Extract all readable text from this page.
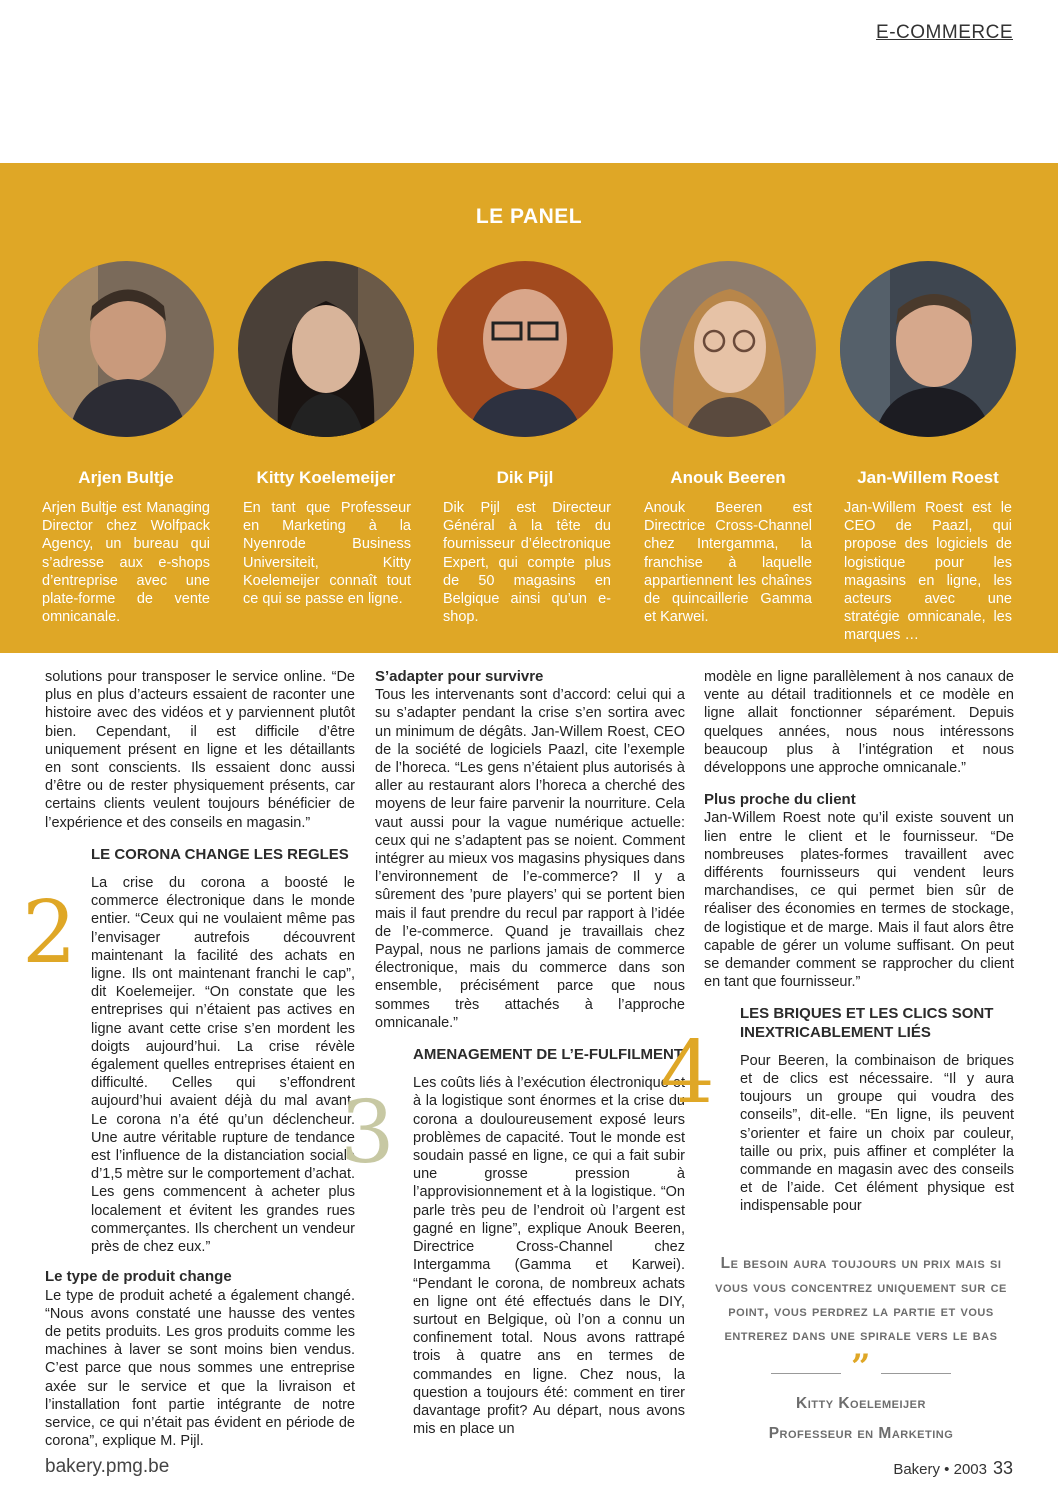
E-COMMERCE
LE PANEL
Arjen Bultje	Kitty Koelemeijer	Dik Pijl	Anouk Beeren	Jan-Willem Roest
Arjen Bultje est Managing Director chez Wolfpack Agency, un bureau qui s’adresse aux e-shops d’entreprise avec une plate-forme de vente omnicanale.
En tant que Professeur en Marketing à la Nyenrode Business Universiteit, Kitty Koelemeijer connaît tout ce qui se passe en ligne.
Dik Pijl est Directeur Général à la tête du fournisseur d’électronique Expert, qui compte plus de 50 magasins en Belgique ainsi qu’un e-shop.
Anouk Beeren est Directrice Cross-Channel chez Intergamma, la franchise à laquelle appartiennent les chaînes de quincaillerie Gamma et Karwei.
Jan-Willem Roest est le CEO de Paazl, qui propose des logiciels de logistique pour les magasins en ligne, les acteurs avec une stratégie omnicanale, les marques …

solutions pour transposer le service online. “De plus en plus d’acteurs essaient de raconter une histoire avec des vidéos et y parviennent plutôt bien. Cependant, il est difficile d’être uniquement présent en ligne et les détaillants en sont conscients. Ils essaient donc aussi d’être ou de rester physiquement présents, car certains clients veulent toujours bénéficier de l’expérience et des conseils en magasin.”

LE CORONA CHANGE LES REGLES

La crise du corona a boosté le commerce électronique dans le monde entier. “Ceux qui ne voulaient même pas l’envisager autrefois découvrent maintenant la facilité des achats en ligne. Ils ont maintenant franchi le cap”, dit Koelemeijer. “On constate que les entreprises qui n’étaient pas actives en ligne avant cette crise s’en mordent les doigts aujourd’hui. La crise révèle également quelles entreprises étaient en difficulté. Celles qui s’effondrent aujourd’hui avaient déjà du mal avant. Le corona n’a été qu’un déclencheur. Une autre véritable rupture de tendance est l’influence de la distanciation sociale d’1,5 mètre sur le comportement d’achat. Les gens commencent à acheter plus localement et évitent les grandes rues commerçantes. Ils cherchent un vendeur près de chez eux.”

Le type de produit change

Le type de produit acheté a également changé. “Nous avons constaté une hausse des ventes de petits produits. Les gros produits comme les machines à laver se sont moins bien vendus. C’est parce que nous sommes une entreprise axée sur le service et que la livraison et l’installation font partie intégrante de notre service, ce qui n’était pas évident en période de corona”, explique M. Pijl.

2
S’adapter pour survivre

Tous les intervenants sont d’accord: celui qui a su s’adapter pendant la crise s’en sortira avec un minimum de dégâts. Jan-Willem Roest, CEO de la société de logiciels Paazl, cite l’exemple de l’horeca. “Les gens n’étaient plus autorisés à aller au restaurant alors l’horeca a cherché des moyens de leur faire parvenir la nourriture. Cela vaut aussi pour la vague numérique actuelle: ceux qui ne s’adaptent pas se noient. Comment intégrer au mieux vos magasins physiques dans l’environnement de l’e-commerce? Il y a sûrement des ’pure players’ qui se portent bien mais il faut prendre du recul par rapport à l’idée de l’e-commerce. Quand je travaillais chez Paypal, nous ne parlions jamais de commerce électronique, mais du commerce dans son ensemble, précisément parce que nous sommes très attachés à l’approche omnicanale.”

AMENAGEMENT DE L’E-FULFILMENT

Les coûts liés à l’exécution électronique et à la logistique sont énormes et la crise du corona a douloureusement exposé leurs problèmes de capacité. Tout le monde est soudain passé en ligne, ce qui a fait subir une grosse pression à l’approvisionnement et à la logistique. “On parle très peu de l’endroit où l’argent est gagné en ligne”, explique Anouk Beeren, Directrice Cross-Channel chez Intergamma (Gamma et Karwei). “Pendant le corona, de nombreux achats en ligne ont été effectués dans le DIY, surtout en Belgique, où l’on a connu un confinement total. Nous avons rattrapé trois à quatre ans en termes de commandes en ligne. Chez nous, la question a toujours été: comment en tirer davantage profit? Au départ, nous avons mis en place un

3

modèle en ligne parallèlement à nos canaux de vente au détail traditionnels et ce modèle en ligne allait fonctionner séparément. Depuis quelques années, nous nous intéressons beaucoup plus à l’intégration et nous développons une approche omnicanale.”

Plus proche du client

Jan-Willem Roest note qu’il existe souvent un lien entre le client et le fournisseur. “De nombreuses plates-formes travaillent avec différents fournisseurs qui vendent leurs marchandises, ce qui permet bien sûr de réaliser des économies en termes de stockage, de logistique et de marge. Mais il faut alors être capable de gérer un volume suffisant. On peut se demander comment se rapprocher du client en tant que fournisseur.”

LES BRIQUES ET LES CLICS SONT INEXTRICABLEMENT LIÉS

Pour Beeren, la combinaison de briques et de clics est nécessaire. “Il y aura toujours un groupe qui voudra des conseils”, dit-elle. “En ligne, ils peuvent s’orienter et faire un choix par couleur, taille ou prix, puis affiner et compléter la commande en magasin avec des conseils et de l’aide. Cet élément physique est indispensable pour

4
Le besoin aura toujours un prix mais si vous vous concentrez uniquement sur ce point, vous perdrez la partie et vous entrerez dans une spirale vers le bas
”
Kitty Koelemeijer
Professeur en Marketing
bakery.pmg.be	Bakery • 2003 33
